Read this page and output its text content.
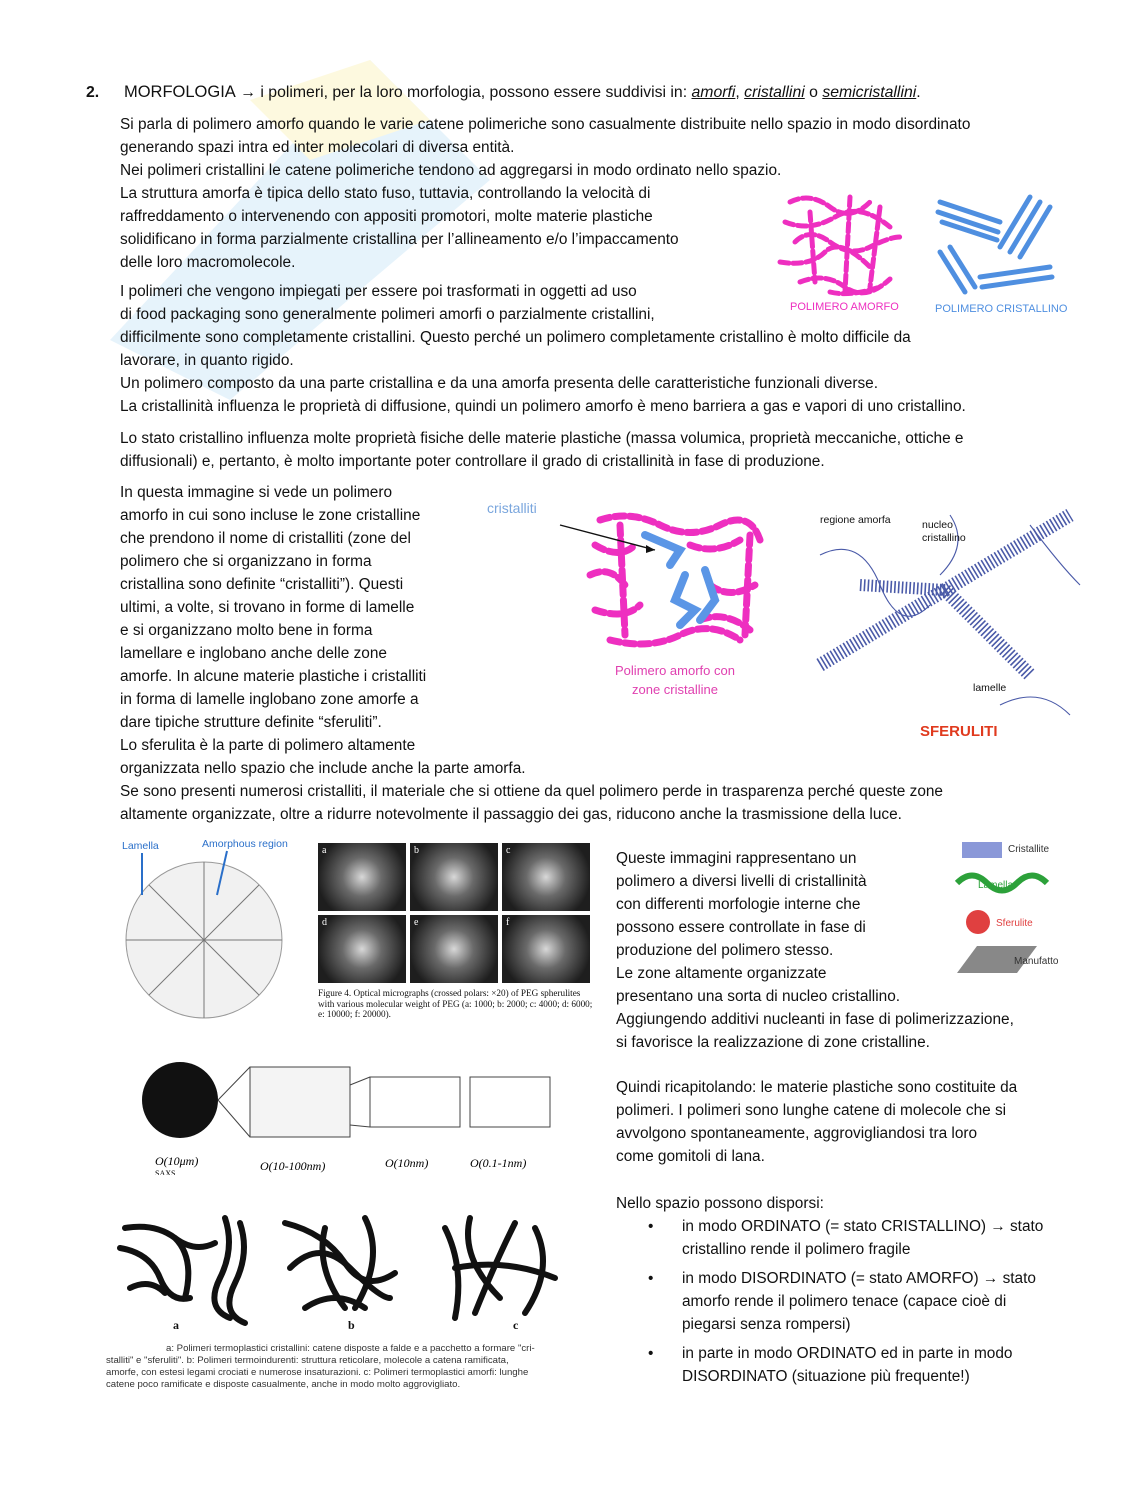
2. MORFOLOGIA → i polimeri, per la loro morfologia, possono essere suddivisi in: amorfi, cristallini o semicristallini.

Si parla di polimero amorfo quando le varie catene polimeriche sono casualmente distribuite nello spazio in modo disordinato generando spazi intra ed inter molecolari di diversa entità.

Nei polimeri cristallini le catene polimeriche tendono ad aggregarsi in modo ordinato nello spazio.

La struttura amorfa è tipica dello stato fuso, tuttavia, controllando la velocità di
raffreddamento o intervenendo con appositi promotori, molte materie plastiche
solidificano in forma parzialmente cristallina per l’allineamento e/o l’impaccamento
delle loro macromolecole.
POLIMERO AMORFO	POLIMERO CRISTALLINO
I polimeri che vengono impiegati per essere poi trasformati in oggetti ad uso
di food packaging sono generalmente polimeri amorfi o parzialmente cristallini,
difficilmente sono completamente cristallini. Questo perché un polimero completamente cristallino è molto difficile da
lavorare, in quanto rigido.
Un polimero composto da una parte cristallina e da una amorfa presenta delle caratteristiche funzionali diverse.
La cristallinità influenza le proprietà di diffusione, quindi un polimero amorfo è meno barriera a gas e vapori di uno cristallino.
Lo stato cristallino influenza molte proprietà fisiche delle materie plastiche (massa volumica, proprietà meccaniche, ottiche e
diffusionali) e, pertanto, è molto importante poter controllare il grado di cristallinità in fase di produzione.
In questa immagine si vede un polimero
amorfo in cui sono incluse le zone cristalline
che prendono il nome di cristalliti (zone del
polimero che si organizzano in forma
cristallina sono definite “cristalliti”). Questi
ultimi, a volte, si trovano in forme di lamelle
e si organizzano molto bene in forma
lamellare e inglobano anche delle zone
amorfe. In alcune materie plastiche i cristalliti
in forma di lamelle inglobano zone amorfe a
dare tipiche strutture definite “sferuliti”.
Lo sferulita è la parte di polimero altamente
organizzata nello spazio che include anche la parte amorfa.
cristalliti
Polimero amorfo con
zone cristalline
regione amorfa	nucleo
cristallino
lamelle
SFERULITI
Se sono presenti numerosi cristalliti, il materiale che si ottiene da quel polimero perde in trasparenza perché queste zone
altamente organizzate, oltre a ridurre notevolmente il passaggio dei gas, riducono anche la trasmissione della luce.
Lamella	Amorphous region
a	b	c
d	e	f
Figure 4. Optical micrographs (crossed polars: ×20) of PEG spherulites with various molecular weight of PEG (a: 1000; b: 2000; c: 4000; d: 6000; e: 10000; f: 20000).
Queste immagini rappresentano un
polimero a diversi livelli di cristallinità
con differenti morfologie interne che
possono essere controllate in fase di
produzione del polimero stesso.
Le zone altamente organizzate
presentano una sorta di nucleo cristallino.
Aggiungendo additivi nucleanti in fase di polimerizzazione,
si favorisce la realizzazione di zone cristalline.
Cristallite
Lamella
Sferulite
Manufatto
O(10μm)	O(10-100nm)	O(10nm)	O(0.1-1nm)
SAXS
Quindi ricapitolando: le materie plastiche sono costituite da
polimeri. I polimeri sono lunghe catene di molecole che si
avvolgono spontaneamente, aggrovigliandosi tra loro
come gomitoli di lana.

Nello spazio possono disporsi:

• in modo ORDINATO (= stato CRISTALLINO) → stato
cristallino rende il polimero fragile
• in modo DISORDINATO (= stato AMORFO) → stato
amorfo rende il polimero tenace (capace cioè di
piegarsi senza rompersi)
• in parte in modo ORDINATO ed in parte in modo
DISORDINATO (situazione più frequente!)
a	b	c
a: Polimeri termoplastici cristallini: catene disposte a falde e a pacchetto a formare "cri-
stalliti" e "sferuliti". b: Polimeri termoindurenti: struttura reticolare, molecole a catena ramificata,
amorfe, con estesi legami crociati e numerose insaturazioni. c: Polimeri termoplastici amorfi: lunghe
catene poco ramificate e disposte casualmente, anche in modo molto aggrovigliato.
